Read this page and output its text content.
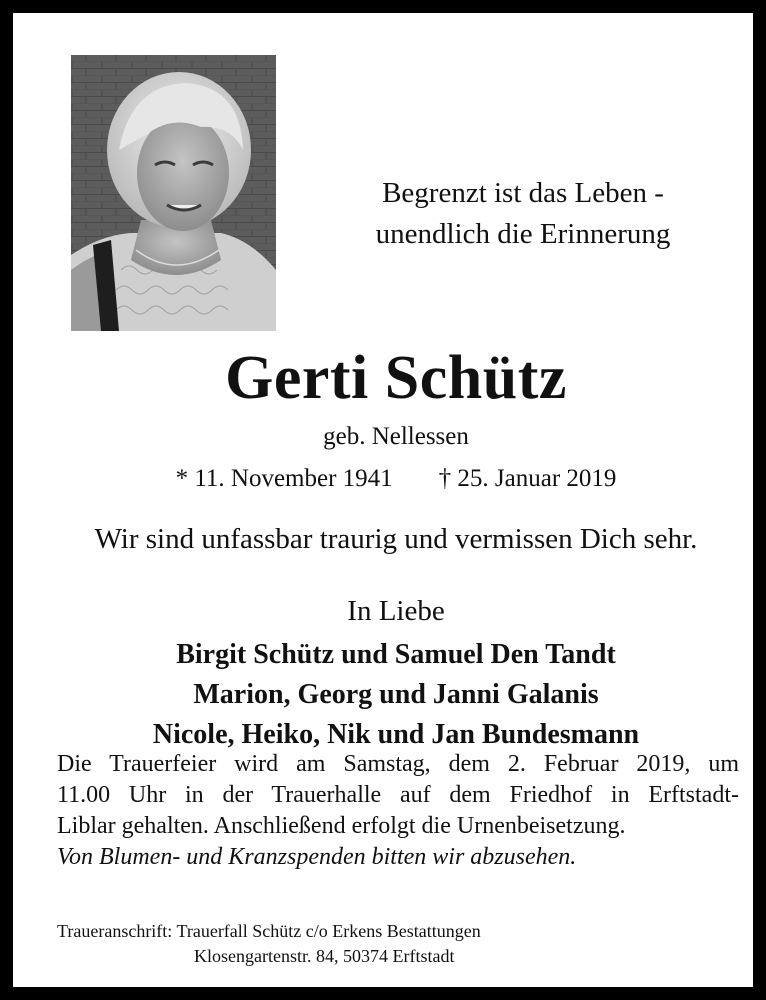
Begrenzt ist das Leben -
unendlich die Erinnerung
Gerti Schütz
geb. Nellessen
* 11. November 1941 † 25. Januar 2019
Wir sind unfassbar traurig und vermissen Dich sehr.
In Liebe
Birgit Schütz und Samuel Den Tandt
Marion, Georg und Janni Galanis
Nicole, Heiko, Nik und Jan Bundesmann
Die Trauerfeier wird am Samstag, dem 2. Februar 2019, um
11.00 Uhr in der Trauerhalle auf dem Friedhof in Erftstadt-
Liblar gehalten. Anschließend erfolgt die Urnenbeisetzung.
Von Blumen- und Kranzspenden bitten wir abzusehen.
Traueranschrift: Trauerfall Schütz c/o Erkens Bestattungen
Klosengartenstr. 84, 50374 Erftstadt
